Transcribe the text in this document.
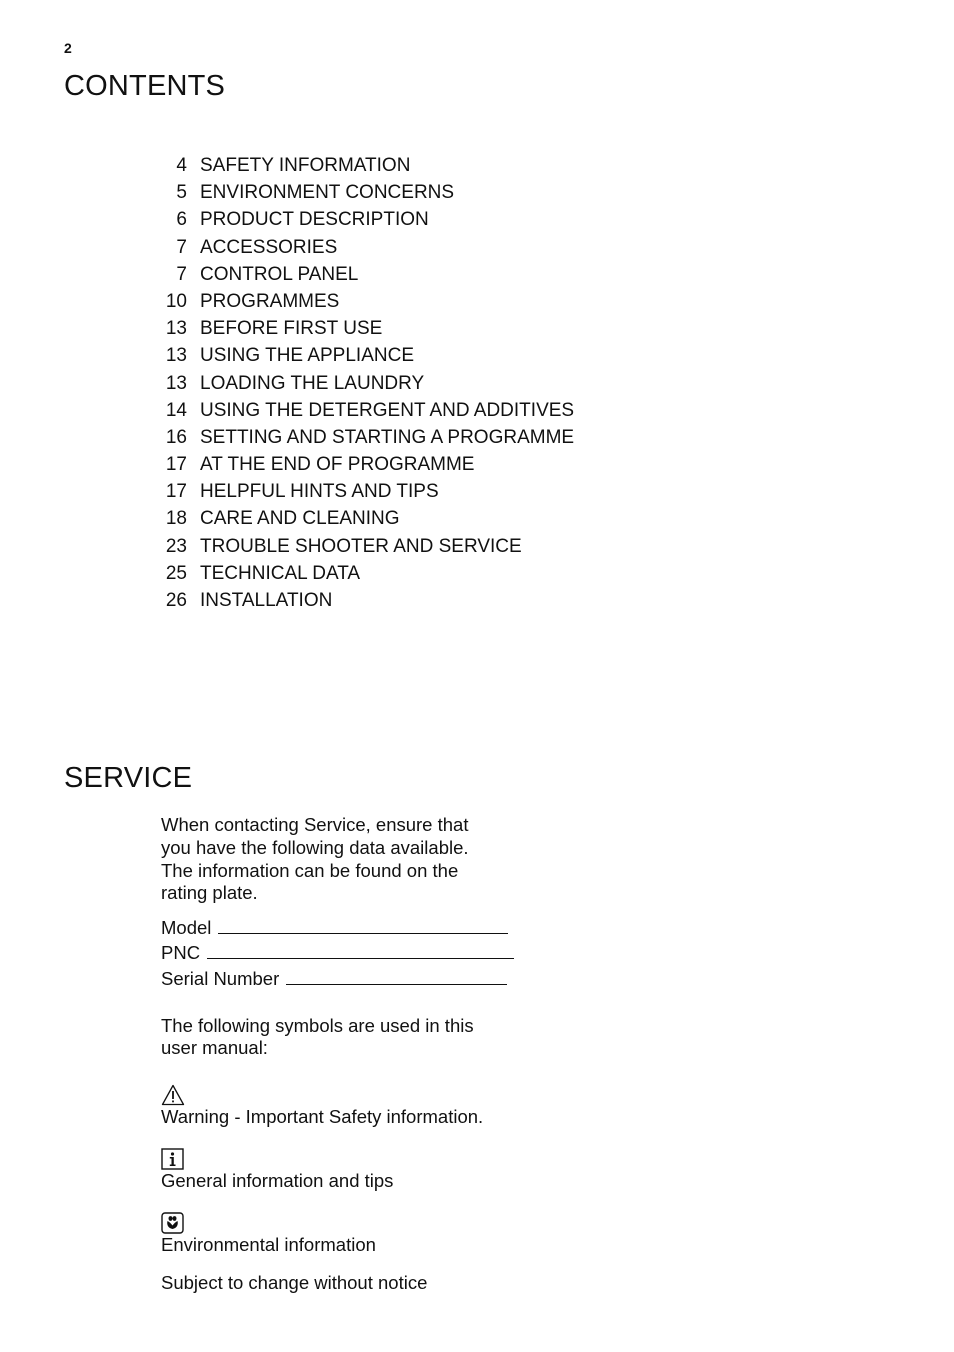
2
CONTENTS
4 SAFETY INFORMATION
5 ENVIRONMENT CONCERNS
6 PRODUCT DESCRIPTION
7 ACCESSORIES
7 CONTROL PANEL
10 PROGRAMMES
13 BEFORE FIRST USE
13 USING THE APPLIANCE
13 LOADING THE LAUNDRY
14 USING THE DETERGENT AND ADDITIVES
16 SETTING AND STARTING A PROGRAMME
17 AT THE END OF PROGRAMME
17 HELPFUL HINTS AND TIPS
18 CARE AND CLEANING
23 TROUBLE SHOOTER AND SERVICE
25 TECHNICAL DATA
26 INSTALLATION
SERVICE
When contacting Service, ensure that
you have the following data available.
The information can be found on the
rating plate.
Model
PNC
Serial Number
The following symbols are used in this
user manual:
Warning - Important Safety information.
General information and tips
Environmental information
Subject to change without notice
